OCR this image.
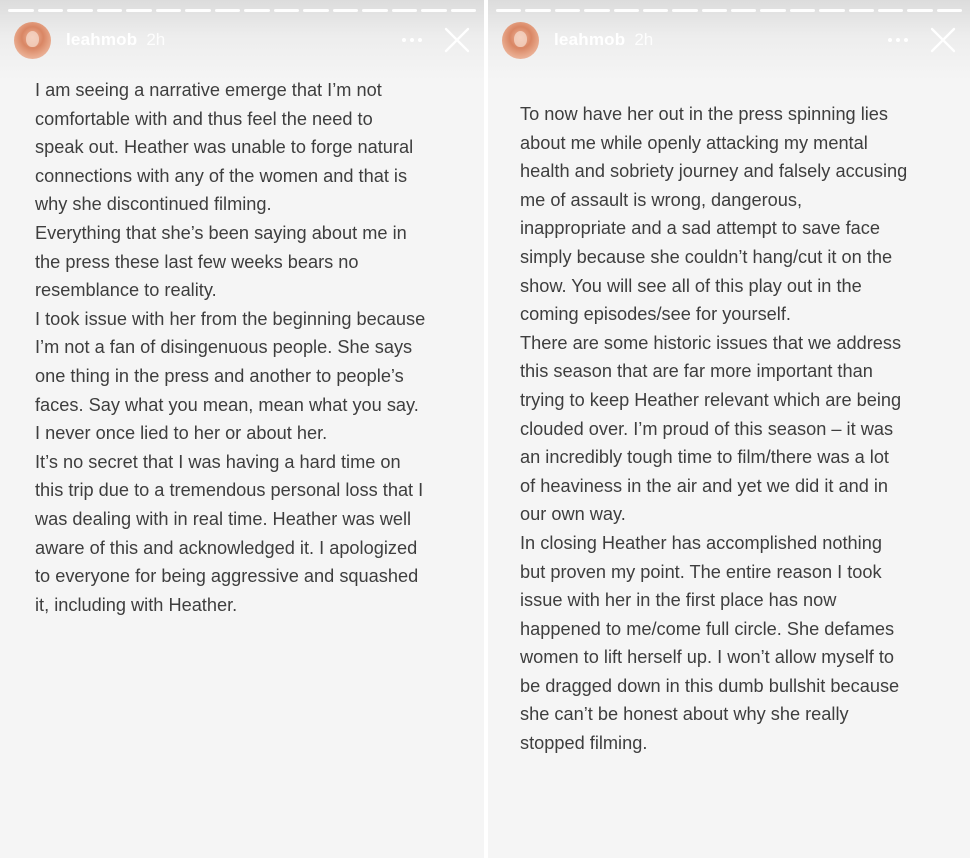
leahmob 2h
I am seeing a narrative emerge that I’m not
comfortable with and thus feel the need to
speak out. Heather was unable to forge natural
connections with any of the women and that is
why she discontinued filming.
Everything that she’s been saying about me in
the press these last few weeks bears no
resemblance to reality.
I took issue with her from the beginning because
I’m not a fan of disingenuous people. She says
one thing in the press and another to people’s
faces. Say what you mean, mean what you say.
I never once lied to her or about her.
It’s no secret that I was having a hard time on
this trip due to a tremendous personal loss that I
was dealing with in real time. Heather was well
aware of this and acknowledged it. I apologized
to everyone for being aggressive and squashed
it, including with Heather.
leahmob 2h
To now have her out in the press spinning lies
about me while openly attacking my mental
health and sobriety journey and falsely accusing
me of assault is wrong, dangerous,
inappropriate and a sad attempt to save face
simply because she couldn’t hang/cut it on the
show. You will see all of this play out in the
coming episodes/see for yourself.
There are some historic issues that we address
this season that are far more important than
trying to keep Heather relevant which are being
clouded over. I’m proud of this season – it was
an incredibly tough time to film/there was a lot
of heaviness in the air and yet we did it and in
our own way.
In closing Heather has accomplished nothing
but proven my point. The entire reason I took
issue with her in the first place has now
happened to me/come full circle. She defames
women to lift herself up. I won’t allow myself to
be dragged down in this dumb bullshit because
she can’t be honest about why she really
stopped filming.
